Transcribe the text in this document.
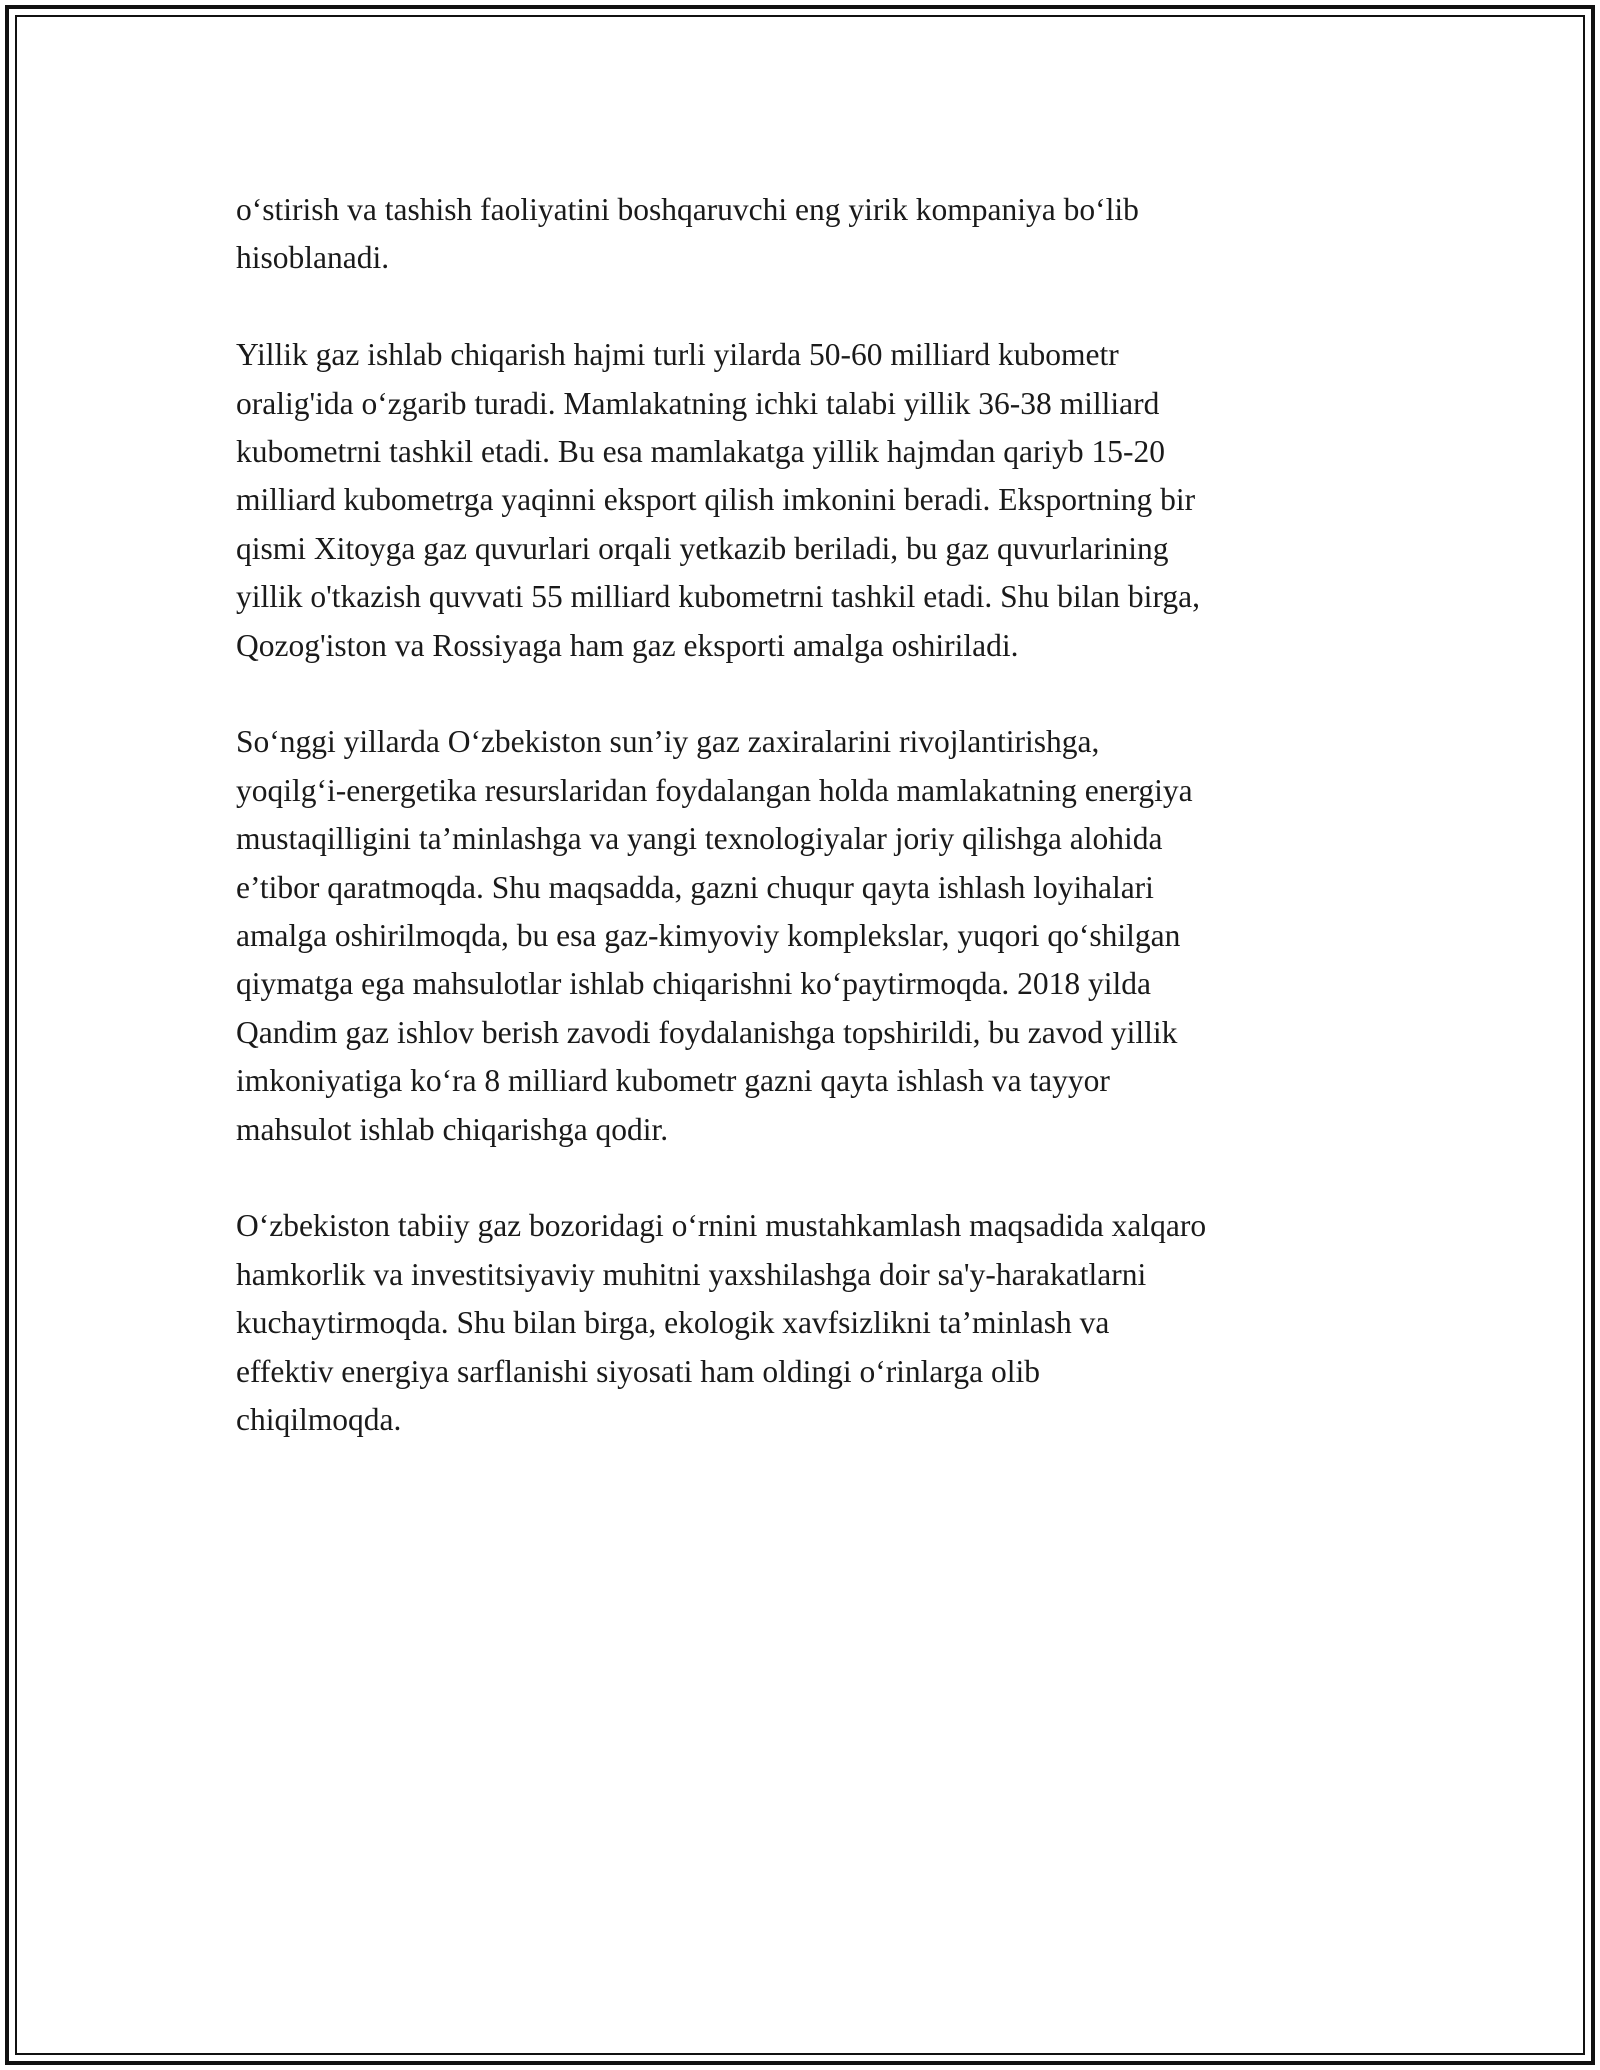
o‘stirish va tashish faoliyatini boshqaruvchi eng yirik kompaniya bo‘lib
hisoblanadi.

Yillik gaz ishlab chiqarish hajmi turli yilarda 50-60 milliard kubometr
oralig'ida o‘zgarib turadi. Mamlakatning ichki talabi yillik 36-38 milliard
kubometrni tashkil etadi. Bu esa mamlakatga yillik hajmdan qariyb 15-20
milliard kubometrga yaqinni eksport qilish imkonini beradi. Eksportning bir
qismi Xitoyga gaz quvurlari orqali yetkazib beriladi, bu gaz quvurlarining
yillik o'tkazish quvvati 55 milliard kubometrni tashkil etadi. Shu bilan birga,
Qozog'iston va Rossiyaga ham gaz eksporti amalga oshiriladi.

So‘nggi yillarda O‘zbekiston sun’iy gaz zaxiralarini rivojlantirishga,
yoqilg‘i-energetika resurslaridan foydalangan holda mamlakatning energiya
mustaqilligini ta’minlashga va yangi texnologiyalar joriy qilishga alohida
e’tibor qaratmoqda. Shu maqsadda, gazni chuqur qayta ishlash loyihalari
amalga oshirilmoqda, bu esa gaz-kimyoviy komplekslar, yuqori qo‘shilgan
qiymatga ega mahsulotlar ishlab chiqarishni ko‘paytirmoqda. 2018 yilda
Qandim gaz ishlov berish zavodi foydalanishga topshirildi, bu zavod yillik
imkoniyatiga ko‘ra 8 milliard kubometr gazni qayta ishlash va tayyor
mahsulot ishlab chiqarishga qodir.

O‘zbekiston tabiiy gaz bozoridagi o‘rnini mustahkamlash maqsadida xalqaro
hamkorlik va investitsiyaviy muhitni yaxshilashga doir sa'y-harakatlarni
kuchaytirmoqda. Shu bilan birga, ekologik xavfsizlikni ta’minlash va
effektiv energiya sarflanishi siyosati ham oldingi o‘rinlarga olib
chiqilmoqda.
